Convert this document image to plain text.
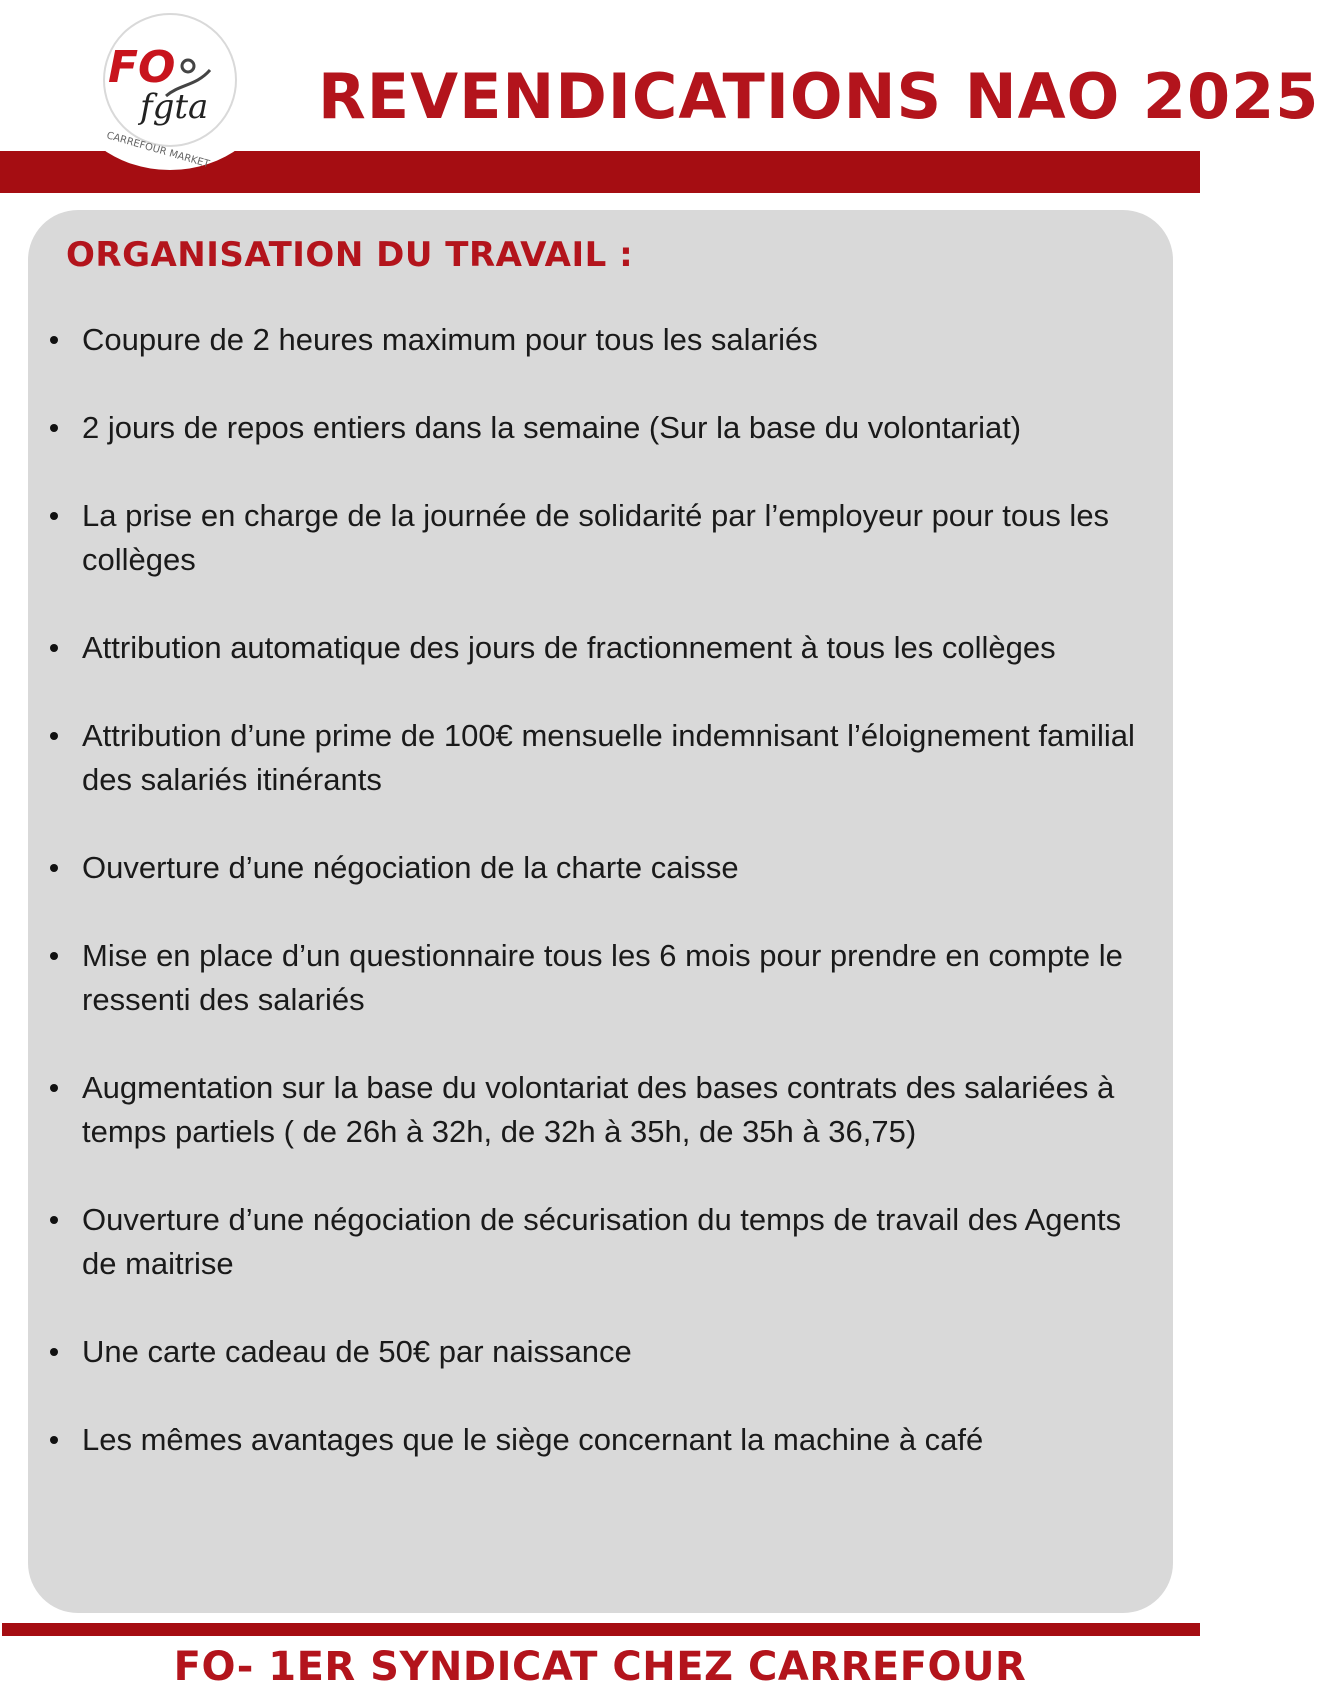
FO
fgta
CARREFOUR MARKET
REVENDICATIONS NAO 2025
ORGANISATION DU TRAVAIL :
Coupure de 2 heures maximum pour tous les salariés
2 jours de repos entiers dans la semaine (Sur la base du volontariat)
La prise en charge de la journée de solidarité par l’employeur pour tous les collèges
Attribution automatique des jours de fractionnement à tous les collèges
Attribution d’une prime de 100€ mensuelle indemnisant l’éloignement familial des salariés itinérants
Ouverture d’une négociation de la charte caisse
Mise en place d’un questionnaire tous les 6 mois pour prendre en compte le ressenti des salariés
Augmentation sur la base du volontariat des bases contrats des salariées à temps partiels ( de 26h à 32h, de 32h à 35h, de 35h à 36,75)
Ouverture d’une négociation de sécurisation du temps de travail des Agents de maitrise
Une carte cadeau de 50€ par naissance
Les mêmes avantages que le siège concernant la machine à café

FO- 1ER SYNDICAT CHEZ CARREFOUR
